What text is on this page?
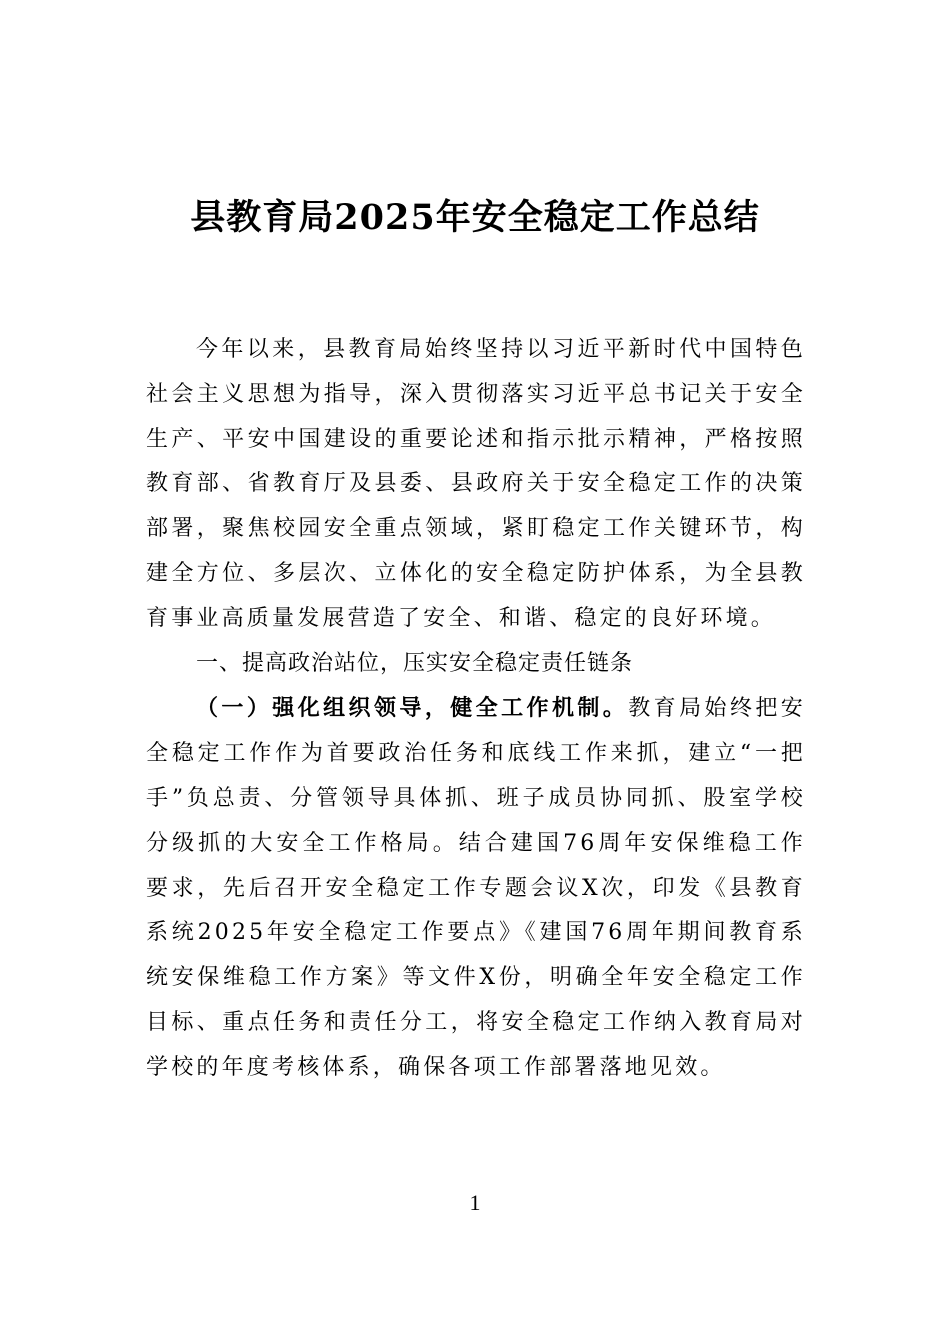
县教育局2025年安全稳定工作总结

今年以来，县教育局始终坚持以习近平新时代中国特色社会主义思想为指导，深入贯彻落实习近平总书记关于安全生产、平安中国建设的重要论述和指示批示精神，严格按照教育部、省教育厅及县委、县政府关于安全稳定工作的决策部署，聚焦校园安全重点领域，紧盯稳定工作关键环节，构建全方位、多层次、立体化的安全稳定防护体系，为全县教育事业高质量发展营造了安全、和谐、稳定的良好环境。

一、提高政治站位，压实安全稳定责任链条

（一）强化组织领导，健全工作机制。教育局始终把安全稳定工作作为首要政治任务和底线工作来抓，建立“一把手”负总责、分管领导具体抓、班子成员协同抓、股室学校分级抓的大安全工作格局。结合建国76周年安保维稳工作要求，先后召开安全稳定工作专题会议X次，印发《县教育系统2025年安全稳定工作要点》《建国76周年期间教育系统安保维稳工作方案》等文件X份，明确全年安全稳定工作目标、重点任务和责任分工，将安全稳定工作纳入教育局对学校的年度考核体系，确保各项工作部署落地见效。

1
